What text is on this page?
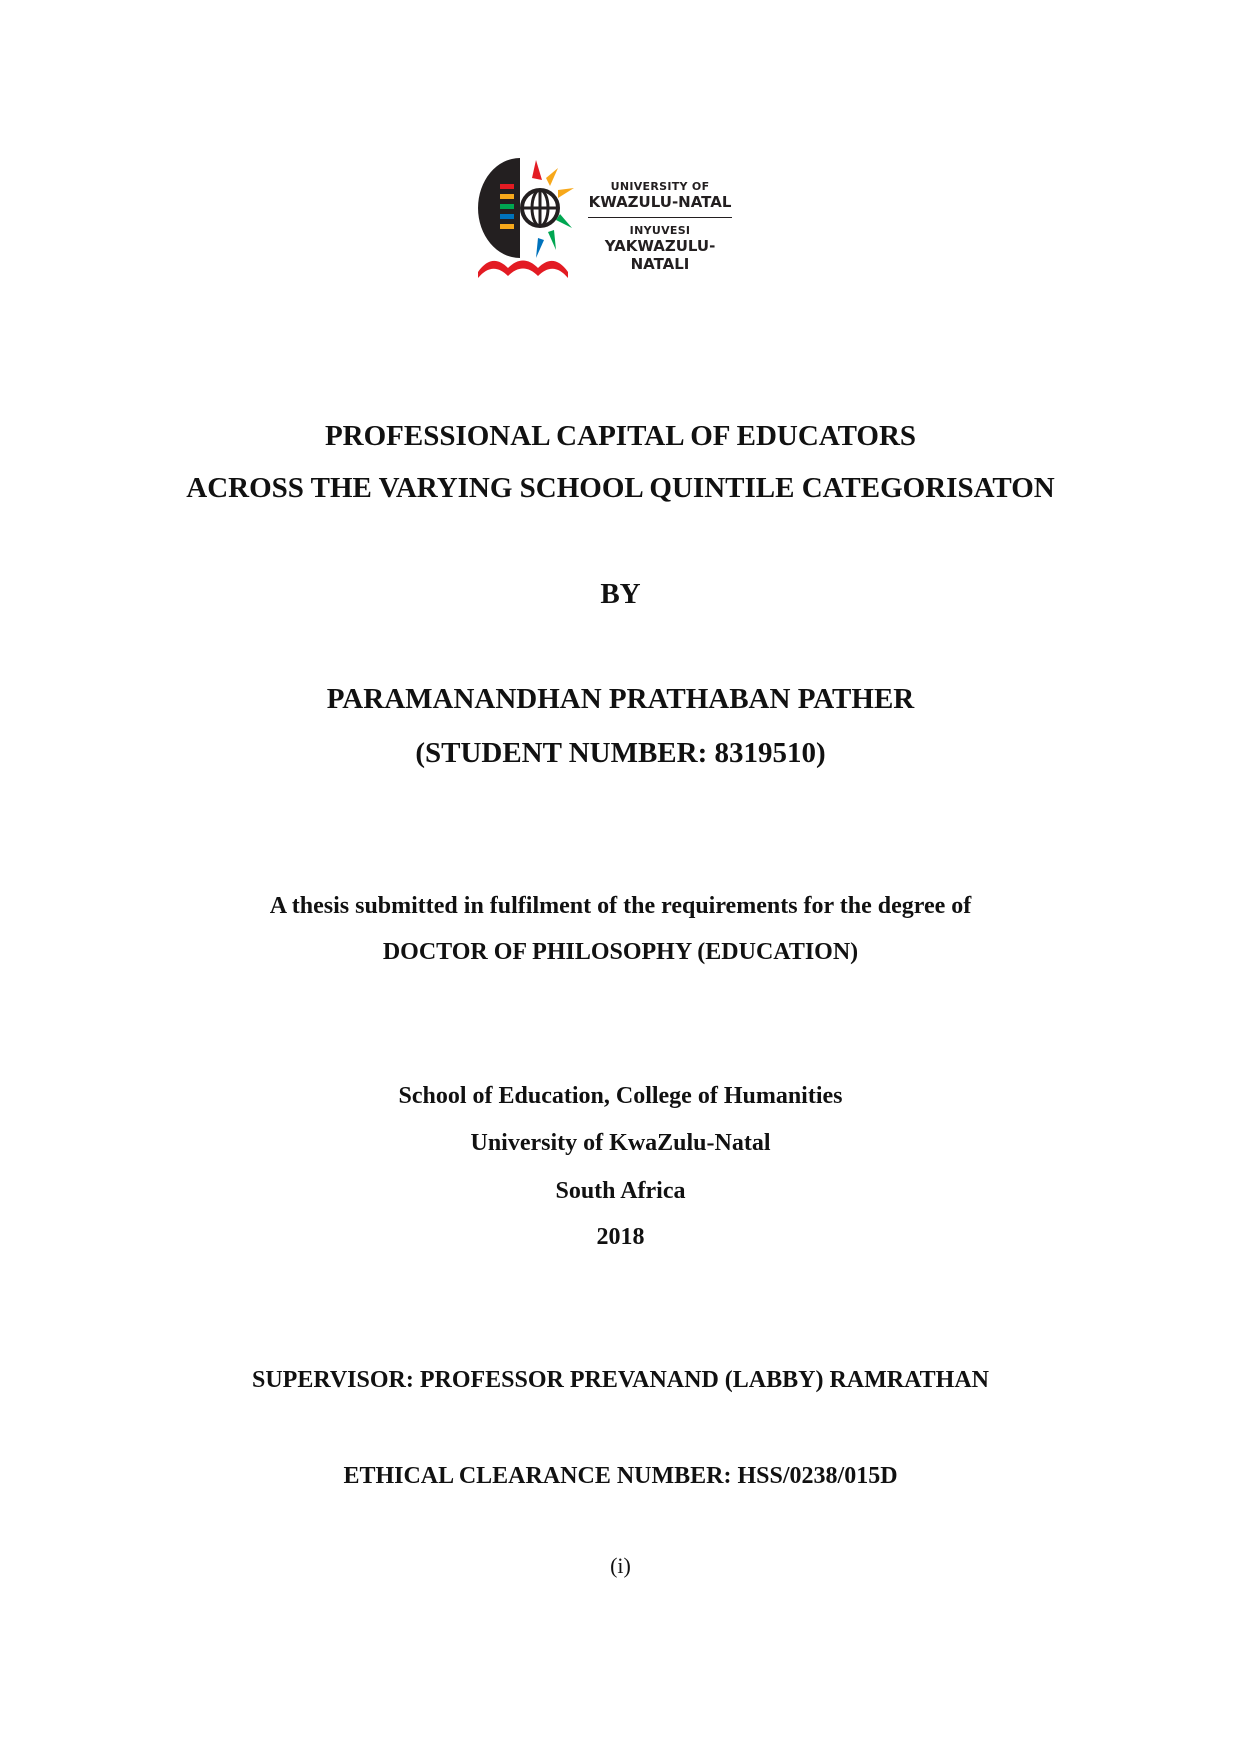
UNIVERSITY OF
KWAZULU-NATAL
INYUVESI
YAKWAZULU-NATALI
PROFESSIONAL CAPITAL OF EDUCATORS
ACROSS THE VARYING SCHOOL QUINTILE CATEGORISATON
BY
PARAMANANDHAN PRATHABAN PATHER
(STUDENT NUMBER: 8319510)
A thesis submitted in fulfilment of the requirements for the degree of
DOCTOR OF PHILOSOPHY (EDUCATION)
School of Education, College of Humanities
University of KwaZulu-Natal
South Africa
2018
SUPERVISOR: PROFESSOR PREVANAND (LABBY) RAMRATHAN
ETHICAL CLEARANCE NUMBER: HSS/0238/015D
(i)
